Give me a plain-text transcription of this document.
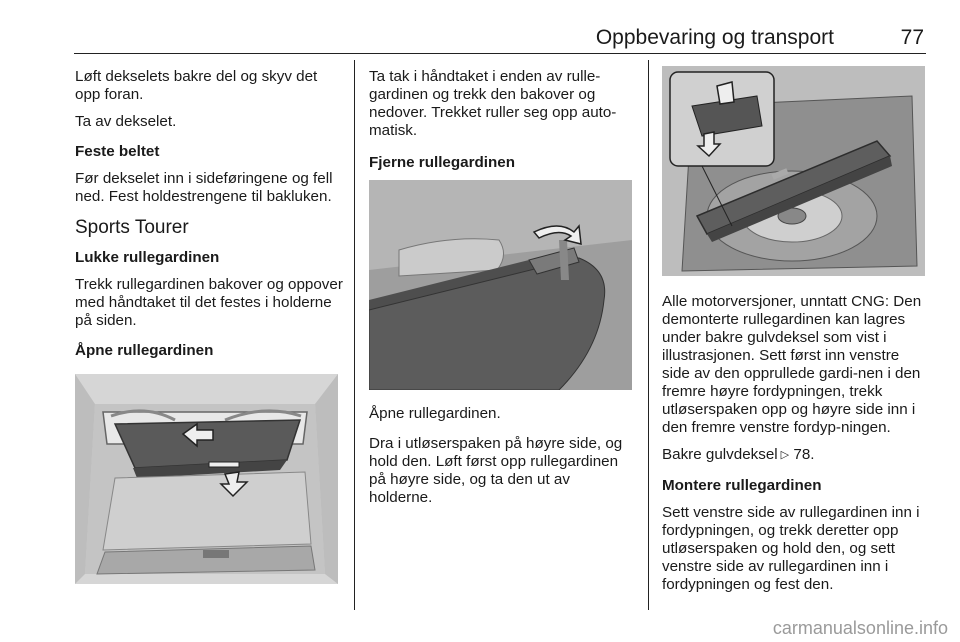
Oppbevaring og transport	77

Løft dekselets bakre del og skyv det opp foran.

Ta av dekselet.

Feste beltet

Før dekselet inn i sideføringene og fell ned. Fest holdestrengene til bakluken.

Sports Tourer

Lukke rullegardinen

Trekk rullegardinen bakover og oppover med håndtaket til det festes i holderne på siden.

Åpne rullegardinen

Ta tak i håndtaket i enden av rulle-gardinen og trekk den bakover og nedover. Trekket ruller seg opp auto-matisk.

Fjerne rullegardinen

Åpne rullegardinen.

Dra i utløserspaken på høyre side, og hold den. Løft først opp rullegardinen på høyre side, og ta den ut av holderne.

Alle motorversjoner, unntatt CNG: Den demonterte rullegardinen kan lagres under bakre gulvdeksel som vist i illustrasjonen. Sett først inn venstre side av den opprullede gardi-nen i den fremre høyre fordypningen, trekk utløserspaken opp og høyre side inn i den fremre venstre fordyp-ningen.

Bakre gulvdeksel ▷ 78.

Montere rullegardinen

Sett venstre side av rullegardinen inn i fordypningen, og trekk deretter opp utløserspaken og hold den, og sett venstre side av rullegardinen inn i fordypningen og fest den.

carmanualsonline.info
